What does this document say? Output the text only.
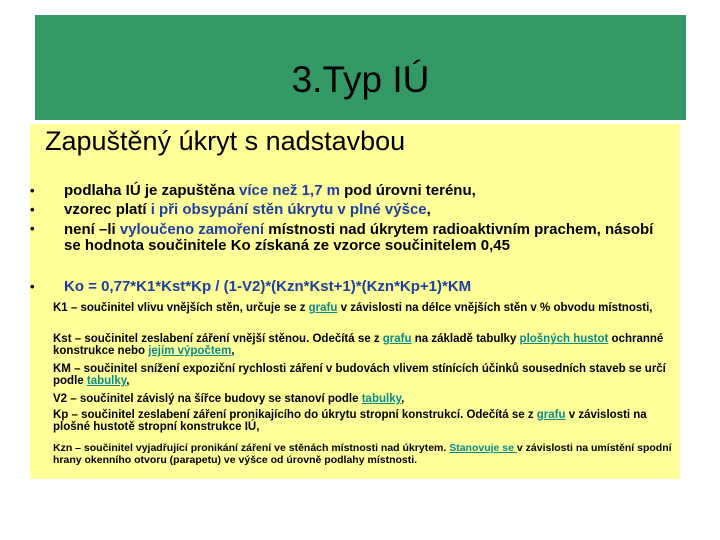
3.Typ IÚ
Zapuštěný úkryt s nadstavbou
• podlaha IÚ je zapuštěna více než 1,7 m pod úrovni terénu,
• vzorec platí i při obsypání stěn úkrytu v plné výšce,
• není –li vyloučeno zamoření místnosti nad úkrytem radioaktivním prachem, násobí se hodnota součinitele Ko získaná ze vzorce součinitelem 0,45
• Ko = 0,77*K1*Kst*Kp / (1-V2)*(Kzn*Kst+1)*(Kzn*Kp+1)*KM
K1 – součinitel vlivu vnějších stěn, určuje se z grafu v závislosti na délce vnějších stěn v % obvodu místnosti,
Kst – součinitel zeslabení záření vnější stěnou. Odečítá se z grafu na základě tabulky plošných hustot ochranné konstrukce nebo jejím výpočtem,
KM – součinitel snížení expoziční rychlosti záření v budovách vlivem stínících účinků sousedních staveb se určí podle tabulky,
V2 – součinitel závislý na šířce budovy se stanoví podle tabulky,
Kp – součinitel zeslabení záření pronikajícího do úkrytu stropní konstrukcí. Odečítá se z grafu v závislosti na plošné hustotě stropní konstrukce IÚ,
Kzn – součinitel vyjadřující pronikání záření ve stěnách místnosti nad úkrytem. Stanovuje se v závislosti na umístění spodní hrany okenního otvoru (parapetu) ve výšce od úrovně podlahy místnosti.
